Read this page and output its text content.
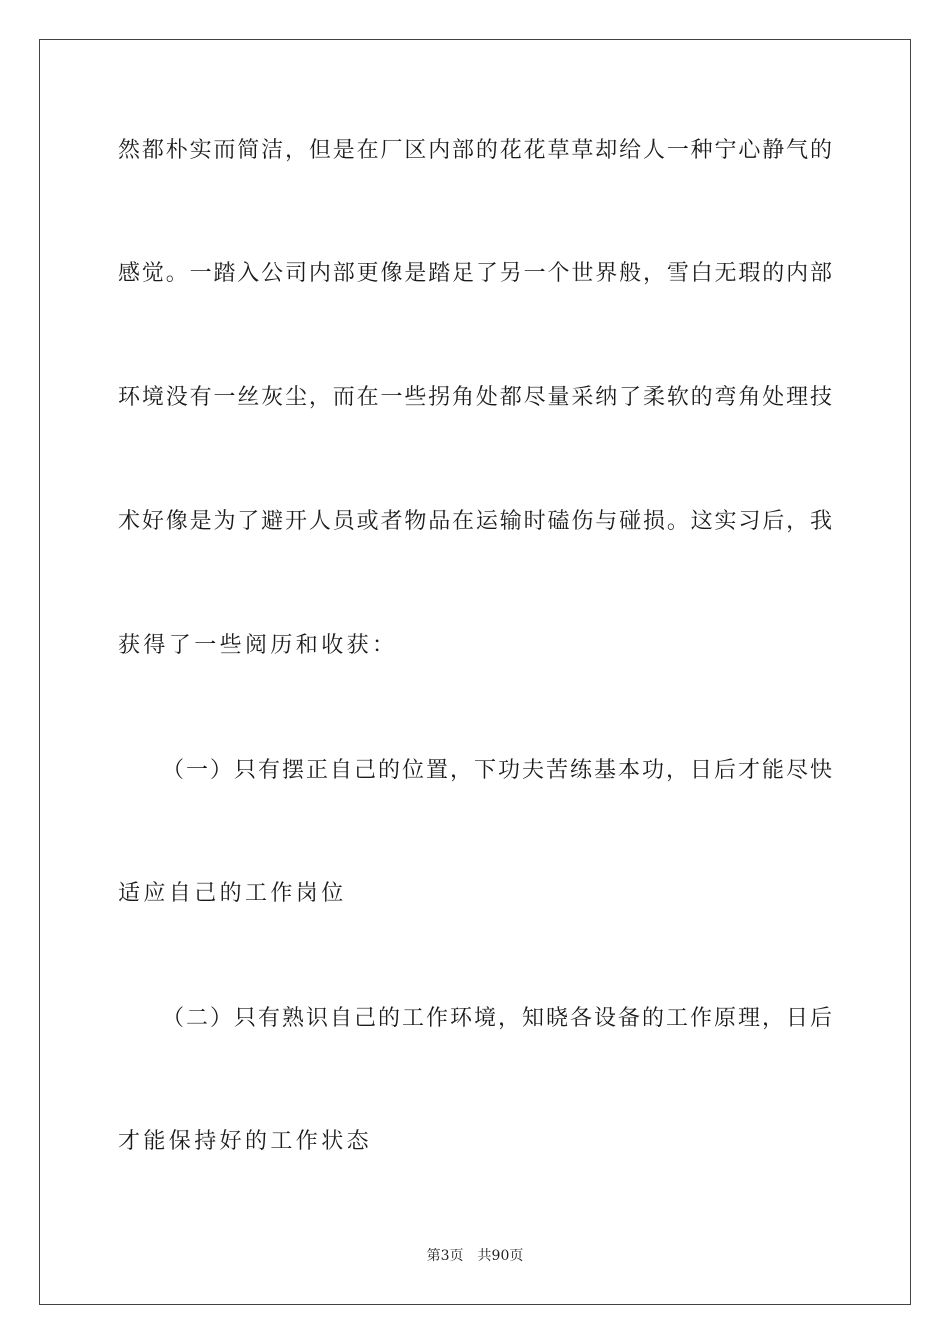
然都朴实而简洁，但是在厂区内部的花花草草却给人一种宁心静气的
感觉。一踏入公司内部更像是踏足了另一个世界般，雪白无瑕的内部
环境没有一丝灰尘，而在一些拐角处都尽量采纳了柔软的弯角处理技
术好像是为了避开人员或者物品在运输时磕伤与碰损。这实习后，我
获得了一些阅历和收获：
（一）只有摆正自己的位置，下功夫苦练基本功，日后才能尽快
适应自己的工作岗位
（二）只有熟识自己的工作环境，知晓各设备的工作原理，日后
才能保持好的工作状态
第3页 共90页
